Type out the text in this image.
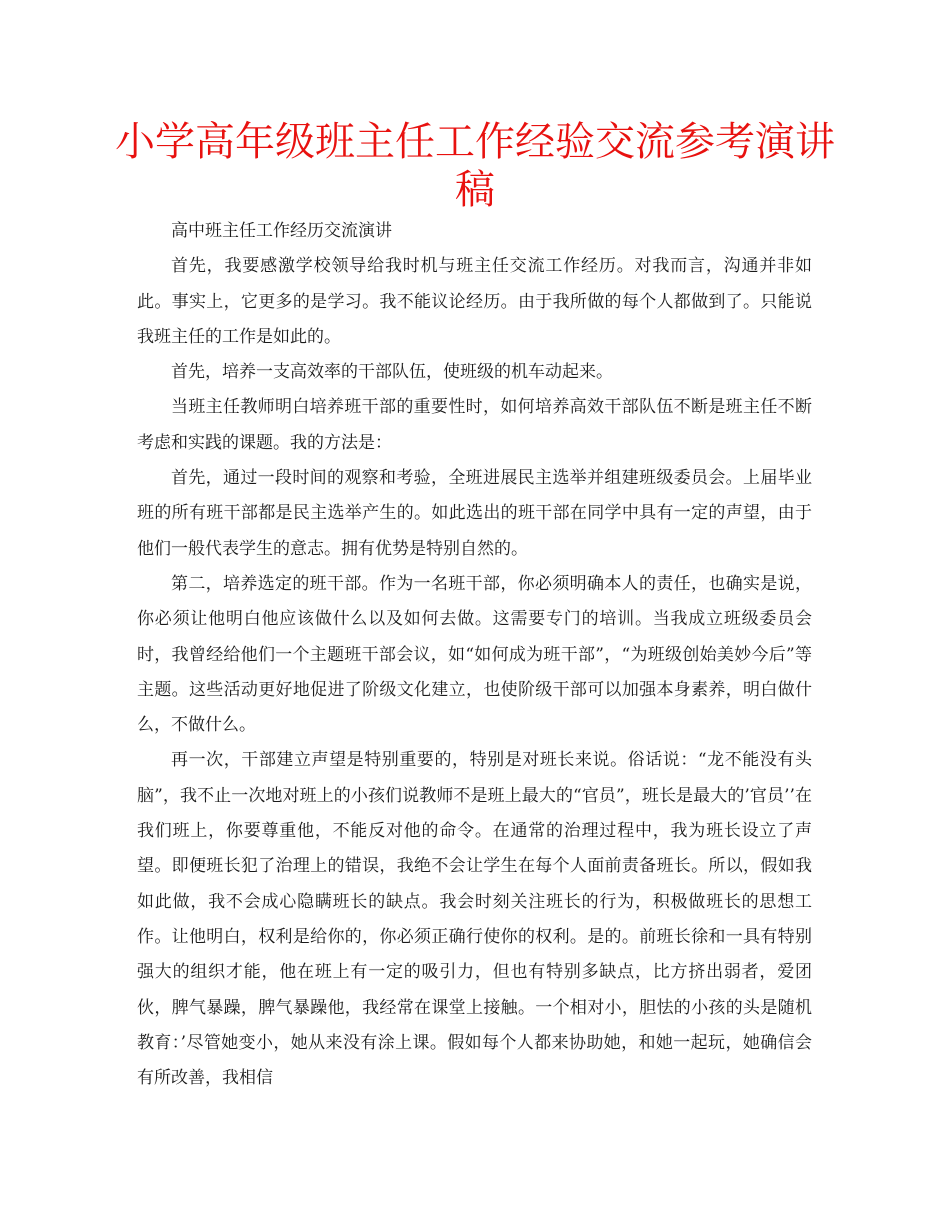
小学高年级班主任工作经验交流参考演讲稿

高中班主任工作经历交流演讲

首先，我要感激学校领导给我时机与班主任交流工作经历。对我而言，沟通并非如此。事实上，它更多的是学习。我不能议论经历。由于我所做的每个人都做到了。只能说我班主任的工作是如此的。

首先，培养一支高效率的干部队伍，使班级的机车动起来。

当班主任教师明白培养班干部的重要性时，如何培养高效干部队伍不断是班主任不断考虑和实践的课题。我的方法是：

首先，通过一段时间的观察和考验，全班进展民主选举并组建班级委员会。上届毕业班的所有班干部都是民主选举产生的。如此选出的班干部在同学中具有一定的声望，由于他们一般代表学生的意志。拥有优势是特别自然的。

第二，培养选定的班干部。作为一名班干部，你必须明确本人的责任，也确实是说，你必须让他明白他应该做什么以及如何去做。这需要专门的培训。当我成立班级委员会时，我曾经给他们一个主题班干部会议，如“如何成为班干部”，“为班级创始美妙今后”等主题。这些活动更好地促进了阶级文化建立，也使阶级干部可以加强本身素养，明白做什么，不做什么。

再一次，干部建立声望是特别重要的，特别是对班长来说。俗话说：“龙不能没有头脑”，我不止一次地对班上的小孩们说教师不是班上最大的“官员”，班长是最大的’官员’’在我们班上，你要尊重他，不能反对他的命令。在通常的治理过程中，我为班长设立了声望。即便班长犯了治理上的错误，我绝不会让学生在每个人面前责备班长。所以，假如我如此做，我不会成心隐瞒班长的缺点。我会时刻关注班长的行为，积极做班长的思想工作。让他明白，权利是给你的，你必须正确行使你的权利。是的。前班长徐和一具有特别强大的组织才能，他在班上有一定的吸引力，但也有特别多缺点，比方挤出弱者，爱团伙，脾气暴躁，脾气暴躁他，我经常在课堂上接触。一个相对小，胆怯的小孩的头是随机教育：’尽管她变小，她从来没有涂上课。假如每个人都来协助她，和她一起玩，她确信会有所改善，我相信
